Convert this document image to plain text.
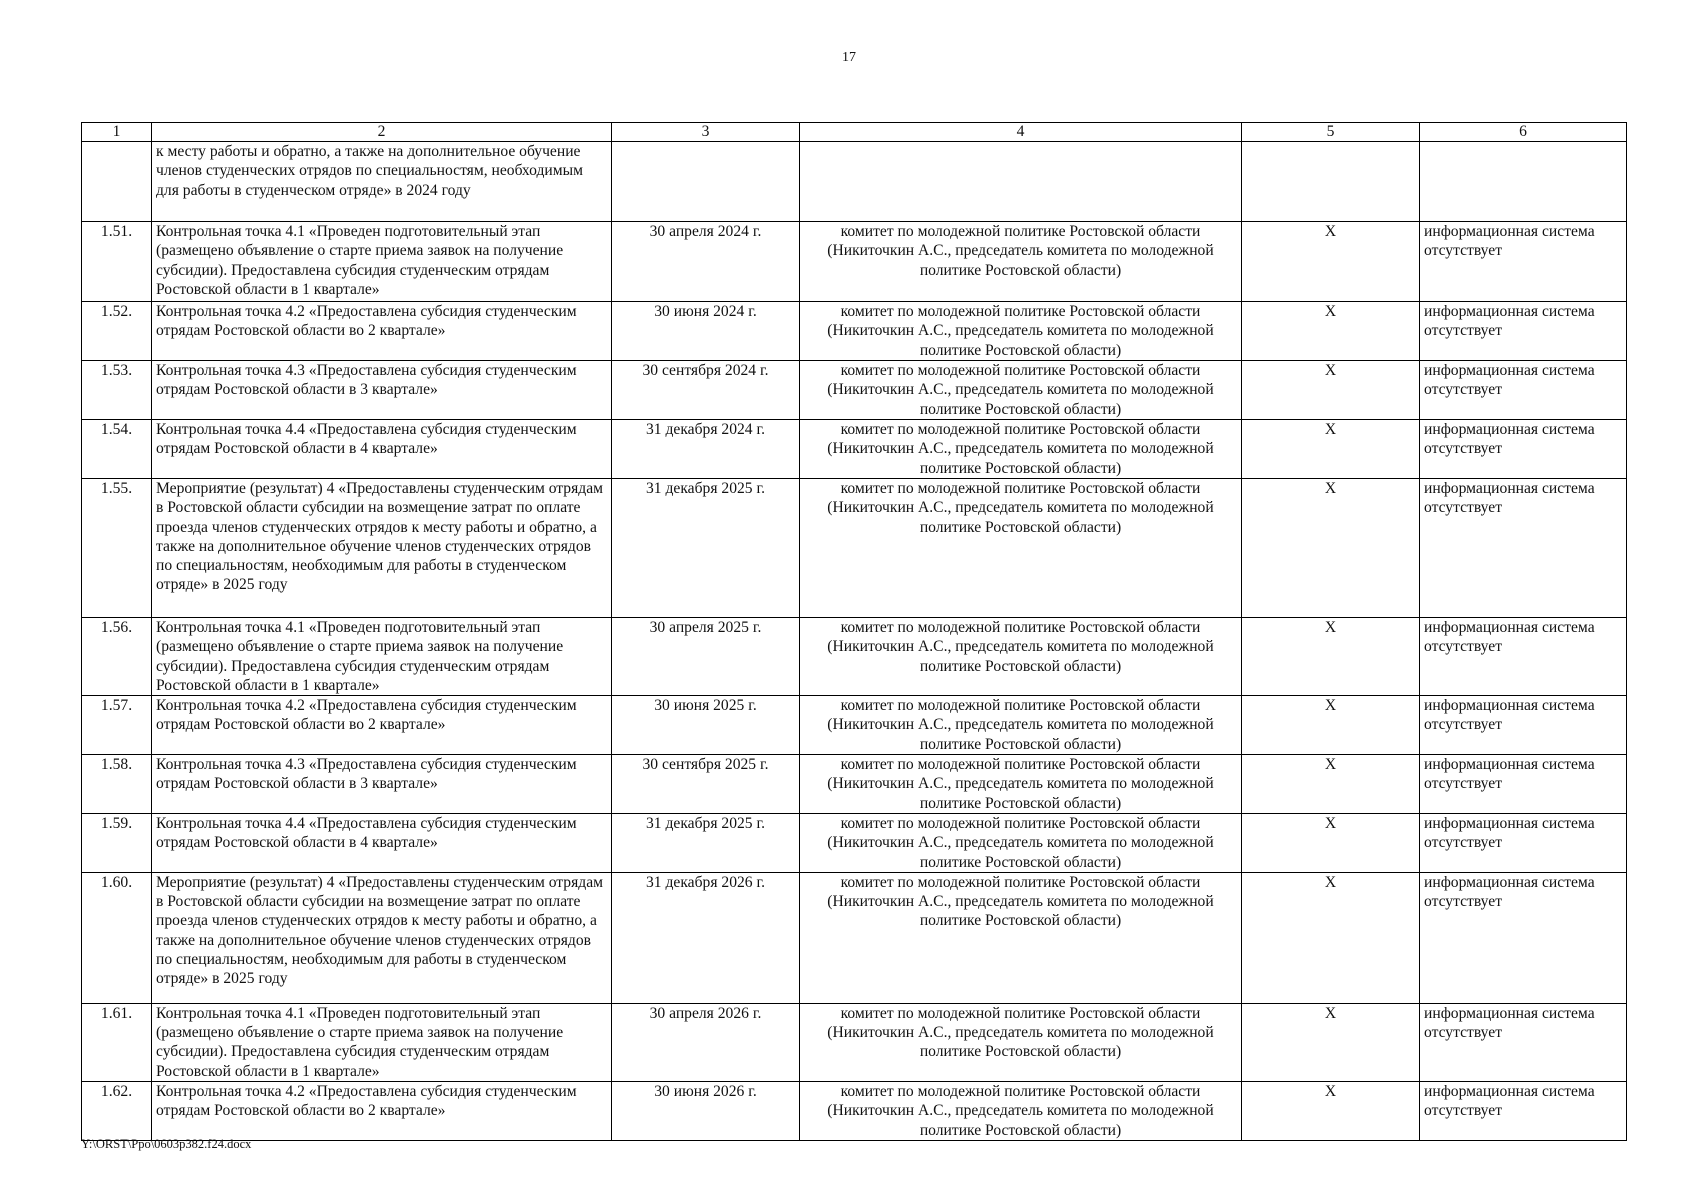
17
1	2	3	4	5	6
	к месту работы и обратно, а также на дополнительное обучение членов студенческих отрядов по специальностям, необходимым для работы в студенческом отряде» в 2024 году				
1.51.	Контрольная точка 4.1 «Проведен подготовительный этап (размещено объявление о старте приема заявок на получение субсидии). Предоставлена субсидия студенческим отрядам Ростовской области в 1 квартале»	30 апреля 2024 г.	комитет по молодежной политике Ростовской области (Никиточкин А.С., председатель комитета по молодежной политике Ростовской области)	Х	информационная система отсутствует
1.52.	Контрольная точка 4.2 «Предоставлена субсидия студенческим отрядам Ростовской области во 2 квартале»	30 июня 2024 г.	комитет по молодежной политике Ростовской области (Никиточкин А.С., председатель комитета по молодежной политике Ростовской области)	Х	информационная система отсутствует
1.53.	Контрольная точка 4.3 «Предоставлена субсидия студенческим отрядам Ростовской области в 3 квартале»	30 сентября 2024 г.	комитет по молодежной политике Ростовской области (Никиточкин А.С., председатель комитета по молодежной политике Ростовской области)	Х	информационная система отсутствует
1.54.	Контрольная точка 4.4 «Предоставлена субсидия студенческим отрядам Ростовской области в 4 квартале»	31 декабря 2024 г.	комитет по молодежной политике Ростовской области (Никиточкин А.С., председатель комитета по молодежной политике Ростовской области)	Х	информационная система отсутствует
1.55.	Мероприятие (результат) 4 «Предоставлены студенческим отрядам в Ростовской области субсидии на возмещение затрат по оплате проезда членов студенческих отрядов к месту работы и обратно, а также на дополнительное обучение членов студенческих отрядов по специальностям, необходимым для работы в студенческом отряде» в 2025 году	31 декабря 2025 г.	комитет по молодежной политике Ростовской области (Никиточкин А.С., председатель комитета по молодежной политике Ростовской области)	Х	информационная система отсутствует
1.56.	Контрольная точка 4.1 «Проведен подготовительный этап (размещено объявление о старте приема заявок на получение субсидии). Предоставлена субсидия студенческим отрядам Ростовской области в 1 квартале»	30 апреля 2025 г.	комитет по молодежной политике Ростовской области (Никиточкин А.С., председатель комитета по молодежной политике Ростовской области)	Х	информационная система отсутствует
1.57.	Контрольная точка 4.2 «Предоставлена субсидия студенческим отрядам Ростовской области во 2 квартале»	30 июня 2025 г.	комитет по молодежной политике Ростовской области (Никиточкин А.С., председатель комитета по молодежной политике Ростовской области)	Х	информационная система отсутствует
1.58.	Контрольная точка 4.3 «Предоставлена субсидия студенческим отрядам Ростовской области в 3 квартале»	30 сентября 2025 г.	комитет по молодежной политике Ростовской области (Никиточкин А.С., председатель комитета по молодежной политике Ростовской области)	Х	информационная система отсутствует
1.59.	Контрольная точка 4.4 «Предоставлена субсидия студенческим отрядам Ростовской области в 4 квартале»	31 декабря 2025 г.	комитет по молодежной политике Ростовской области (Никиточкин А.С., председатель комитета по молодежной политике Ростовской области)	Х	информационная система отсутствует
1.60.	Мероприятие (результат) 4 «Предоставлены студенческим отрядам в Ростовской области субсидии на возмещение затрат по оплате проезда членов студенческих отрядов к месту работы и обратно, а также на дополнительное обучение членов студенческих отрядов по специальностям, необходимым для работы в студенческом отряде» в 2025 году	31 декабря 2026 г.	комитет по молодежной политике Ростовской области (Никиточкин А.С., председатель комитета по молодежной политике Ростовской области)	Х	информационная система отсутствует
1.61.	Контрольная точка 4.1 «Проведен подготовительный этап (размещено объявление о старте приема заявок на получение субсидии). Предоставлена субсидия студенческим отрядам Ростовской области в 1 квартале»	30 апреля 2026 г.	комитет по молодежной политике Ростовской области (Никиточкин А.С., председатель комитета по молодежной политике Ростовской области)	Х	информационная система отсутствует
1.62.	Контрольная точка 4.2 «Предоставлена субсидия студенческим отрядам Ростовской области во 2 квартале»	30 июня 2026 г.	комитет по молодежной политике Ростовской области (Никиточкин А.С., председатель комитета по молодежной политике Ростовской области)	Х	информационная система отсутствует
Y:\ORST\Ppo\0603p382.f24.docx
